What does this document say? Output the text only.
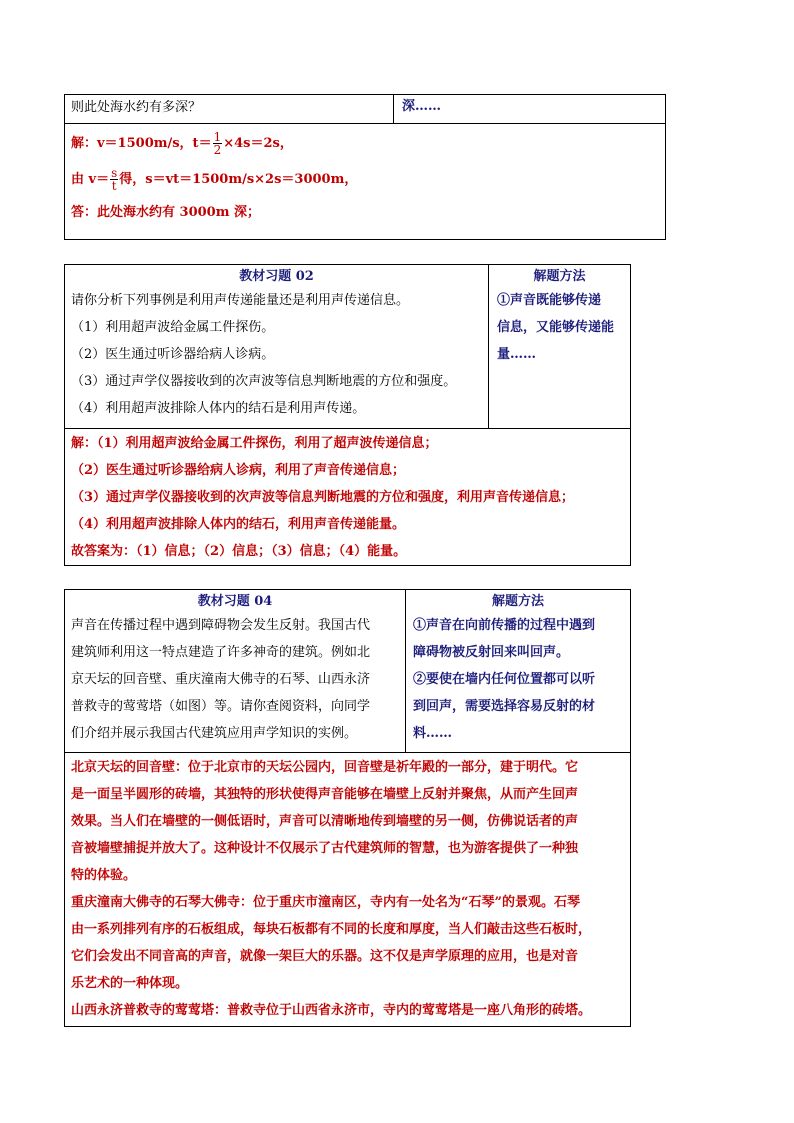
则此处海水约有多深？	深……

解：v＝1500m/s，$t= \frac{1}{2} \times 4s=2s$，
由 $v= \frac{s}{t}$ 得，s＝vt＝1500m/s×2s＝3000m，
答：此处海水约有 3000m 深；
教材习题 02
请你分析下列事例是利用声传递能量还是利用声传递信息。
（1）利用超声波给金属工件探伤。
（2）医生通过听诊器给病人诊病。
（3）通过声学仪器接收到的次声波等信息判断地震的方位和强度。
（4）利用超声波排除人体内的结石是利用声传递。

解题方法
①声音既能够传递
信息，又能够传递能
量……

解：（1）利用超声波给金属工件探伤，利用了超声波传递信息；
（2）医生通过听诊器给病人诊病，利用了声音传递信息；
（3）通过声学仪器接收到的次声波等信息判断地震的方位和强度，利用声音传递信息；
（4）利用超声波排除人体内的结石，利用声音传递能量。
故答案为：（1）信息；（2）信息；（3）信息；（4）能量。
教材习题 04
声音在传播过程中遇到障碍物会发生反射。我国古代
建筑师利用这一特点建造了许多神奇的建筑。例如北
京天坛的回音壁、重庆潼南大佛寺的石琴、山西永济
普救寺的莺莺塔（如图）等。请你查阅资料，向同学
们介绍并展示我国古代建筑应用声学知识的实例。

解题方法
①声音在向前传播的过程中遇到
障碍物被反射回来叫回声。
②要使在墙内任何位置都可以听
到回声，需要选择容易反射的材
料……

北京天坛的回音壁：位于北京市的天坛公园内，回音壁是祈年殿的一部分，建于明代。它
是一面呈半圆形的砖墙，其独特的形状使得声音能够在墙壁上反射并聚焦，从而产生回声
效果。当人们在墙壁的一侧低语时，声音可以清晰地传到墙壁的另一侧，仿佛说话者的声
音被墙壁捕捉并放大了。这种设计不仅展示了古代建筑师的智慧，也为游客提供了一种独
特的体验。
重庆潼南大佛寺的石琴大佛寺：位于重庆市潼南区，寺内有一处名为“石琴”的景观。石琴
由一系列排列有序的石板组成，每块石板都有不同的长度和厚度，当人们敲击这些石板时，
它们会发出不同音高的声音，就像一架巨大的乐器。这不仅是声学原理的应用，也是对音
乐艺术的一种体现。
山西永济普救寺的莺莺塔：普救寺位于山西省永济市，寺内的莺莺塔是一座八角形的砖塔。
